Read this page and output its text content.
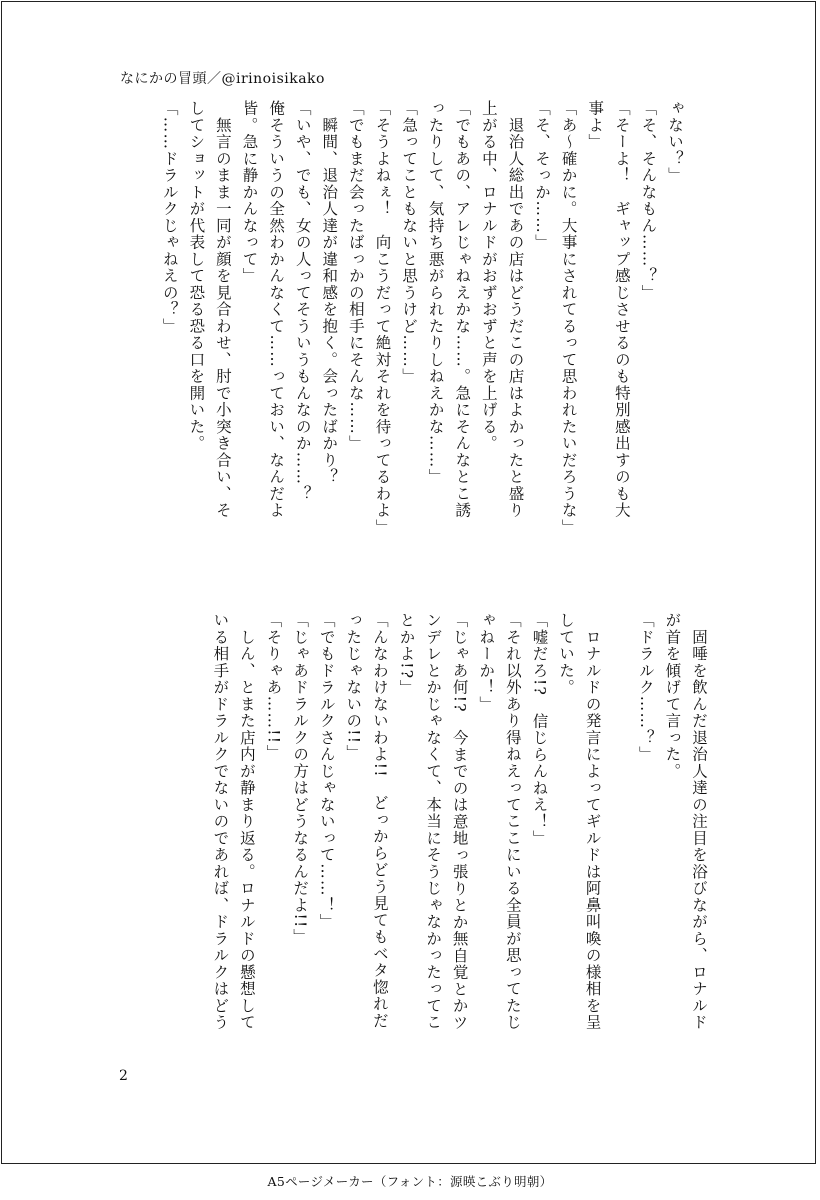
なにかの冒頭／@irinoisikako

ゃない？」

「そ、そんなもん……？」

「そーよ！　ギャップ感じさせるのも特別感出すのも大

事よ」

「あ〜確かに。大事にされてるって思われたいだろうな」

「そ、そっか……」

　退治人総出であの店はどうだこの店はよかったと盛り

上がる中、ロナルドがおずおずと声を上げる。

「でもあの、アレじゃねえかな……。急にそんなとこ誘

ったりして、気持ち悪がられたりしねえかな……」

「急ってこともないと思うけど……」

「そうよねぇ！　向こうだって絶対それを待ってるわよ」

「でもまだ会ったばっかの相手にそんな……」

　瞬間、退治人達が違和感を抱く。会ったばかり？

「いや、でも、女の人ってそういうもんなのか……？

俺そういうの全然わかんなくて……っておい、なんだよ

皆。急に静かんなって」

　無言のまま一同が顔を見合わせ、肘で小突き合い、そ

してショットが代表して恐る恐る口を開いた。

「……ドラルクじゃねえの？」

　固唾を飲んだ退治人達の注目を浴びながら、ロナルド

が首を傾げて言った。

「ドラルク……？」

　ロナルドの発言によってギルドは阿鼻叫喚の様相を呈

していた。

「嘘だろ!?　信じらんねえ！」

「それ以外あり得ねえってここにいる全員が思ってたじ

ゃねーか！」

「じゃあ何!?　今までのは意地っ張りとか無自覚とかツ

ンデレとかじゃなくて、本当にそうじゃなかったってこ

とかよ!?」

「んなわけないわよ!!　どっからどう見てもベタ惚れだ

ったじゃないの!!」

「でもドラルクさんじゃないって……！」

「じゃあドラルクの方はどうなるんだよ!!」

「そりゃあ……!!」

　しん、とまた店内が静まり返る。ロナルドの懸想して

いる相手がドラルクでないのであれば、ドラルクはどう

2
A5ページメーカー（フォント：源暎こぶり明朝）
